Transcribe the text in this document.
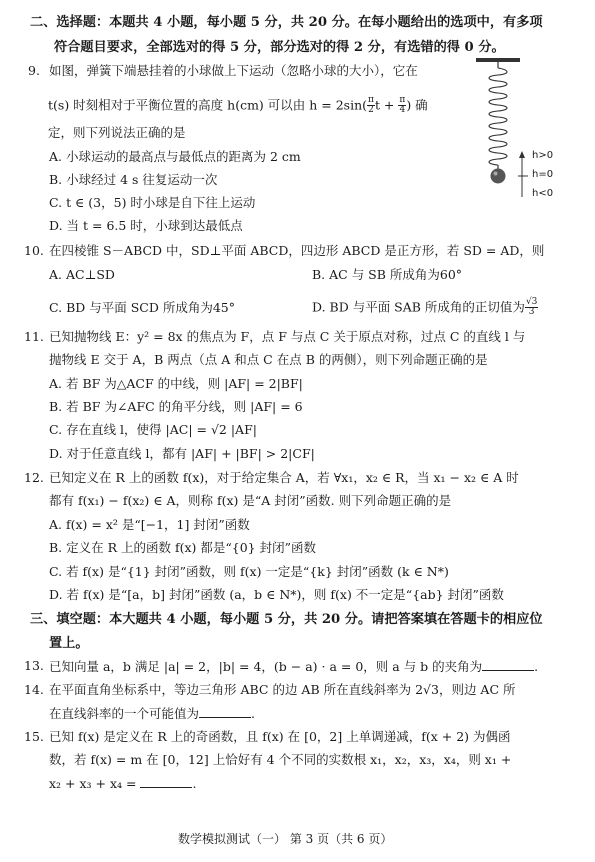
二、选择题：本题共 4 小题，每小题 5 分，共 20 分。在每小题给出的选项中，有多项
符合题目要求，全部选对的得 5 分，部分选对的得 2 分，有选错的得 0 分。
9. 如图，弹簧下端悬挂着的小球做上下运动（忽略小球的大小），它在
t(s) 时刻相对于平衡位置的高度 h(cm) 可以由 $h = 2\sin( \frac{\pi}{2}$ $t + \frac{\pi}{4}$ ) 确
定，则下列说法正确的是
A. 小球运动的最高点与最低点的距离为 2 cm
B. 小球经过 4 s 往复运动一次
C. t ∈ (3，5) 时小球是自下往上运动
D. 当 t = 6.5 时，小球到达最低点
h>0
h=0
h<0
10. 在四棱锥 S－ABCD 中，SD⊥平面 ABCD，四边形 ABCD 是正方形，若 SD = AD，则
A. AC⊥SD	B. AC 与 SB 所成角为60°
C. BD 与平面 SCD 所成角为45°	D. BD 与平面 SAB 所成角的正切值为 $\frac{√3}{3}$
11. 已知抛物线 E：y² = 8x 的焦点为 F，点 F 与点 C 关于原点对称，过点 C 的直线 l 与
抛物线 E 交于 A，B 两点（点 A 和点 C 在点 B 的两侧），则下列命题正确的是
A. 若 BF 为△ACF 的中线，则 |AF| = 2|BF|
B. 若 BF 为∠AFC 的角平分线，则 |AF| = 6
C. 存在直线 l，使得 |AC| = √2 |AF|
D. 对于任意直线 l，都有 |AF| + |BF| > 2|CF|
12. 已知定义在 R 上的函数 f(x)，对于给定集合 A，若 ∀x₁，x₂ ∈ R，当 x₁ − x₂ ∈ A 时
都有 f(x₁) − f(x₂) ∈ A，则称 f(x) 是“A 封闭”函数. 则下列命题正确的是
A. f(x) = x² 是“[−1，1] 封闭”函数
B. 定义在 R 上的函数 f(x) 都是“{0} 封闭”函数
C. 若 f(x) 是“{1} 封闭”函数，则 f(x) 一定是“{k} 封闭”函数 (k ∈ N*)
D. 若 f(x) 是“[a，b] 封闭”函数 (a，b ∈ N*)，则 f(x) 不一定是“{ab} 封闭”函数
三、填空题：本大题共 4 小题，每小题 5 分，共 20 分。请把答案填在答题卡的相应位
置上。
13. 已知向量 a，b 满足 |a| = 2，|b| = 4，(b − a) · a = 0，则 a 与 b 的夹角为	.
14. 在平面直角坐标系中，等边三角形 ABC 的边 AB 所在直线斜率为 2√3，则边 AC 所
在直线斜率的一个可能值为	.
15. 已知 f(x) 是定义在 R 上的奇函数，且 f(x) 在 [0，2] 上单调递减，f(x + 2) 为偶函
数，若 f(x) = m 在 [0，12] 上恰好有 4 个不同的实数根 x₁，x₂，x₃，x₄，则 x₁ +
x₂ + x₃ + x₄ =	.
数学模拟测试（一） 第 3 页（共 6 页）
